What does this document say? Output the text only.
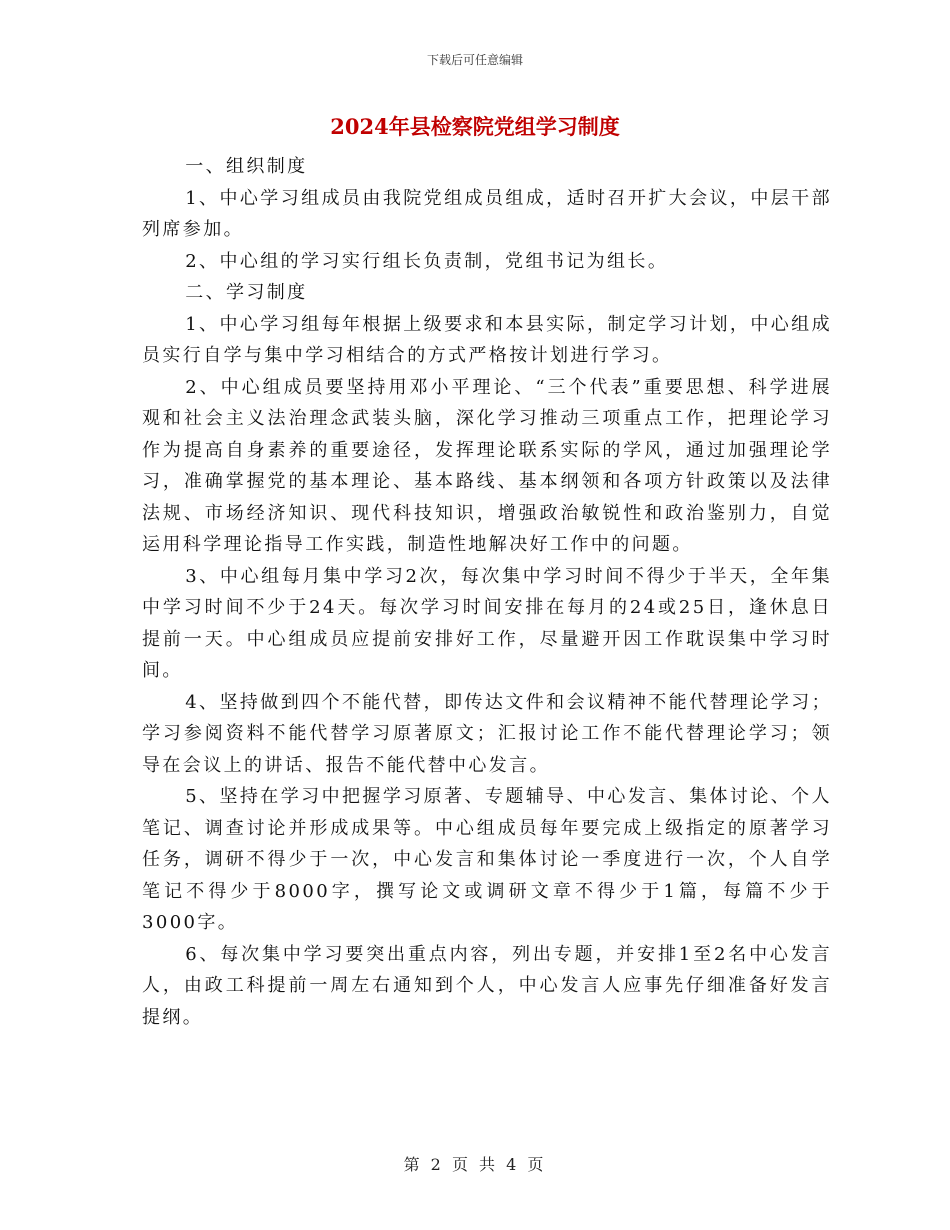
下载后可任意编辑
2024年县检察院党组学习制度

一、组织制度

1、中心学习组成员由我院党组成员组成，适时召开扩大会议，中层干部列席参加。

2、中心组的学习实行组长负责制，党组书记为组长。

二、学习制度

1、中心学习组每年根据上级要求和本县实际，制定学习计划，中心组成员实行自学与集中学习相结合的方式严格按计划进行学习。

2、中心组成员要坚持用邓小平理论、“三个代表”重要思想、科学进展观和社会主义法治理念武装头脑，深化学习推动三项重点工作，把理论学习作为提高自身素养的重要途径，发挥理论联系实际的学风，通过加强理论学习，准确掌握党的基本理论、基本路线、基本纲领和各项方针政策以及法律法规、市场经济知识、现代科技知识，增强政治敏锐性和政治鉴别力，自觉运用科学理论指导工作实践，制造性地解决好工作中的问题。

3、中心组每月集中学习2次，每次集中学习时间不得少于半天，全年集中学习时间不少于24天。每次学习时间安排在每月的24或25日，逢休息日提前一天。中心组成员应提前安排好工作，尽量避开因工作耽误集中学习时间。

4、坚持做到四个不能代替，即传达文件和会议精神不能代替理论学习；学习参阅资料不能代替学习原著原文；汇报讨论工作不能代替理论学习；领导在会议上的讲话、报告不能代替中心发言。

5、坚持在学习中把握学习原著、专题辅导、中心发言、集体讨论、个人笔记、调查讨论并形成成果等。中心组成员每年要完成上级指定的原著学习任务，调研不得少于一次，中心发言和集体讨论一季度进行一次，个人自学笔记不得少于8000字，撰写论文或调研文章不得少于1篇，每篇不少于3000字。

6、每次集中学习要突出重点内容，列出专题，并安排1至2名中心发言人，由政工科提前一周左右通知到个人，中心发言人应事先仔细准备好发言提纲。

第 2 页 共 4 页
